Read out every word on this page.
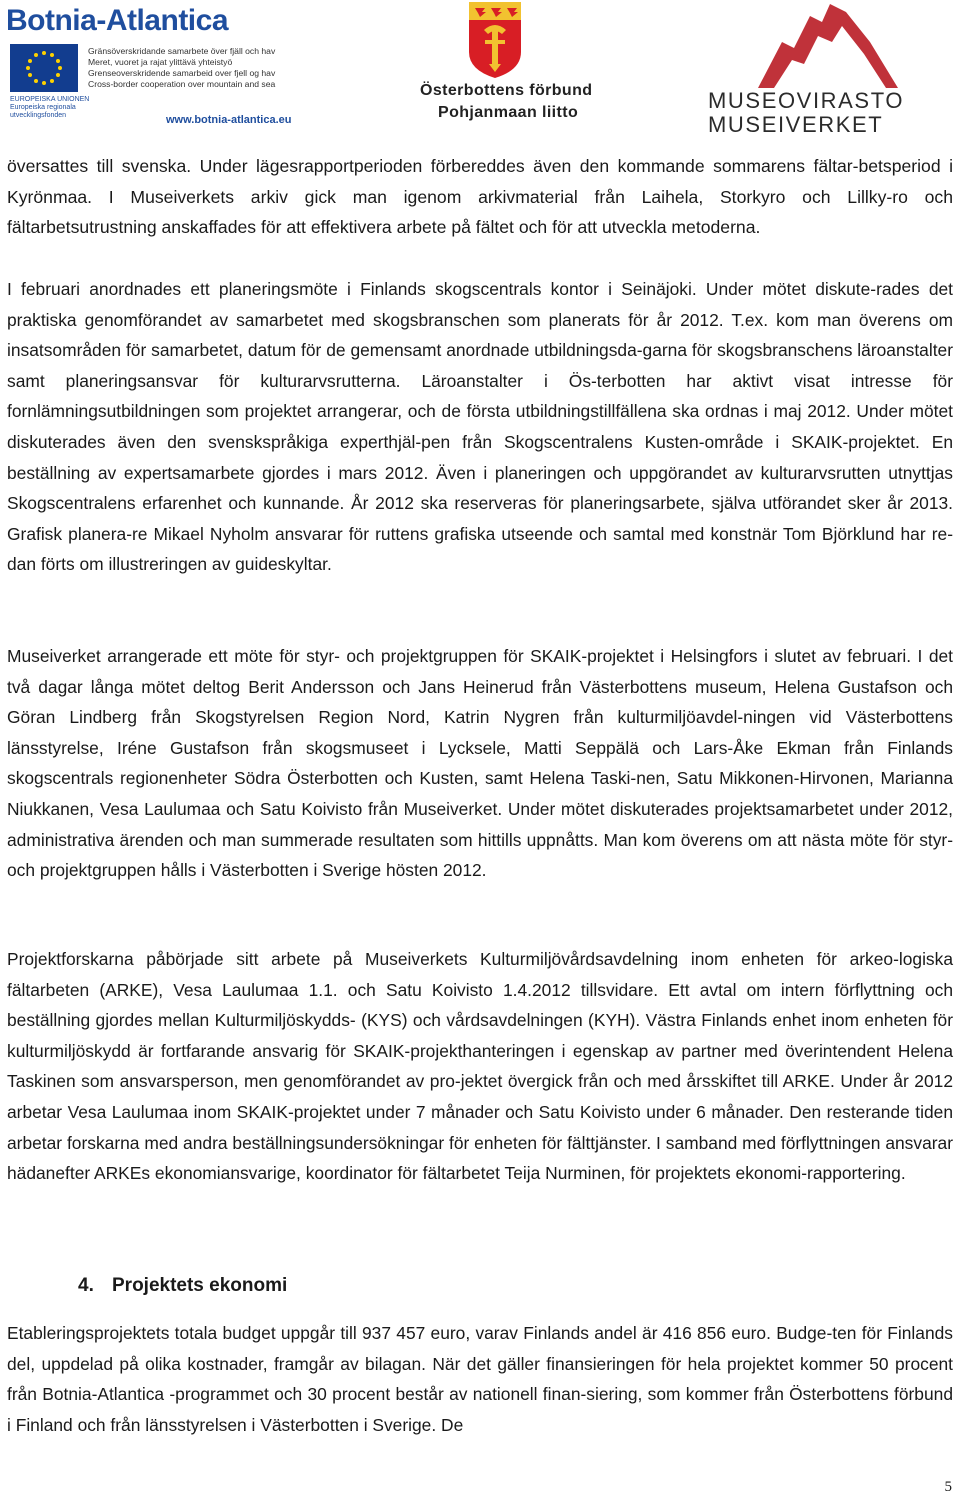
Botnia-Atlantica
EUROPEISKA UNIONEN
Europeiska regionala
utvecklingsfonden
Gränsöverskridande samarbete över fjäll och hav
Meret, vuoret ja rajat ylittävä yhteistyö
Grenseoverskridende samarbeid over fjell og hav
Cross-border cooperation over mountain and sea
www.botnia-atlantica.eu
Österbottens förbund
Pohjanmaan liitto	MUSEOVIRASTO
MUSEIVERKET
översattes till svenska. Under lägesrapportperioden förbereddes även den kommande sommarens fältar-betsperiod i Kyrönmaa. I Museiverkets arkiv gick man igenom arkivmaterial från Laihela, Storkyro och Lillky-ro och fältarbetsutrustning anskaffades för att effektivera arbete på fältet och för att utveckla metoderna.
I februari anordnades ett planeringsmöte i Finlands skogscentrals kontor i Seinäjoki. Under mötet diskute-rades det praktiska genomförandet av samarbetet med skogsbranschen som planerats för år 2012. T.ex. kom man överens om insatsområden för samarbetet, datum för de gemensamt anordnade utbildningsda-garna för skogsbranschens läroanstalter samt planeringsansvar för kulturarvsrutterna. Läroanstalter i Ös-terbotten har aktivt visat intresse för fornlämningsutbildningen som projektet arrangerar, och de första utbildningstillfällena ska ordnas i maj 2012. Under mötet diskuterades även den svenskspråkiga experthjäl-pen från Skogscentralens Kusten-område i SKAIK-projektet. En beställning av expertsamarbete gjordes i mars 2012. Även i planeringen och uppgörandet av kulturarvsrutten utnyttjas Skogscentralens erfarenhet och kunnande. År 2012 ska reserveras för planeringsarbete, själva utförandet sker år 2013. Grafisk planera-re Mikael Nyholm ansvarar för ruttens grafiska utseende och samtal med konstnär Tom Björklund har re-dan förts om illustreringen av guideskyltar.
Museiverket arrangerade ett möte för styr- och projektgruppen för SKAIK-projektet i Helsingfors i slutet av februari. I det två dagar långa mötet deltog Berit Andersson och Jans Heinerud från Västerbottens museum, Helena Gustafson och Göran Lindberg från Skogstyrelsen Region Nord, Katrin Nygren från kulturmiljöavdel-ningen vid Västerbottens länsstyrelse, Iréne Gustafson från skogsmuseet i Lycksele, Matti Seppälä och Lars-Åke Ekman från Finlands skogscentrals regionenheter Södra Österbotten och Kusten, samt Helena Taski-nen, Satu Mikkonen-Hirvonen, Marianna Niukkanen, Vesa Laulumaa och Satu Koivisto från Museiverket. Under mötet diskuterades projektsamarbetet under 2012, administrativa ärenden och man summerade resultaten som hittills uppnåtts. Man kom överens om att nästa möte för styr- och projektgruppen hålls i Västerbotten i Sverige hösten 2012.
Projektforskarna påbörjade sitt arbete på Museiverkets Kulturmiljövårdsavdelning inom enheten för arkeo-logiska fältarbeten (ARKE), Vesa Laulumaa 1.1. och Satu Koivisto 1.4.2012 tillsvidare. Ett avtal om intern förflyttning och beställning gjordes mellan Kulturmiljöskydds- (KYS) och vårdsavdelningen (KYH). Västra Finlands enhet inom enheten för kulturmiljöskydd är fortfarande ansvarig för SKAIK-projekthanteringen i egenskap av partner med överintendent Helena Taskinen som ansvarsperson, men genomförandet av pro-jektet övergick från och med årsskiftet till ARKE. Under år 2012 arbetar Vesa Laulumaa inom SKAIK-projektet under 7 månader och Satu Koivisto under 6 månader. Den resterande tiden arbetar forskarna med andra beställningsundersökningar för enheten för fälttjänster. I samband med förflyttningen ansvarar hädanefter ARKEs ekonomiansvarige, koordinator för fältarbetet Teija Nurminen, för projektets ekonomi-rapportering.
4. Projektets ekonomi
Etableringsprojektets totala budget uppgår till 937 457 euro, varav Finlands andel är 416 856 euro. Budge-ten för Finlands del, uppdelad på olika kostnader, framgår av bilagan. När det gäller finansieringen för hela projektet kommer 50 procent från Botnia-Atlantica -programmet och 30 procent består av nationell finan-siering, som kommer från Österbottens förbund i Finland och från länsstyrelsen i Västerbotten i Sverige. De
5
